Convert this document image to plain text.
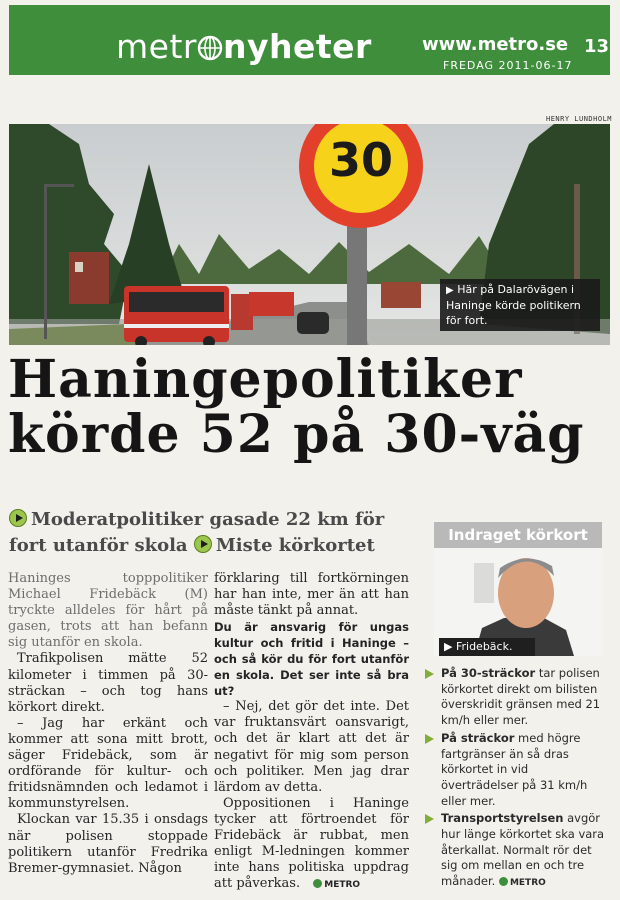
metr nyheter	www.metro.se 13
FREDAG 2011-06-17
HENRY LUNDHOLM
30
▶ Här på Dalarövägen i Haninge körde politikern för fort.
Haningepolitiker
körde 52 på 30-väg
Moderatpolitiker gasade 22 km för fort utanför skola Miste körkortet

Haninges topppolitiker Michael Fridebäck (M) tryckte alldeles för hårt på gasen, trots att han befann sig utanför en skola.

Trafikpolisen mätte 52 kilometer i timmen på 30-sträckan – och tog hans körkort direkt.

– Jag har erkänt och kommer att sona mitt brott, säger Fridebäck, som är ordförande för kultur- och fritidsnämnden och ledamot i kommunstyrelsen.

Klockan var 15.35 i onsdags när polisen stoppade politikern utanför Fredrika Bremer-gymnasiet. Någon

förklaring till fortkörningen har han inte, mer än att han måste tänkt på annat.

Du är ansvarig för ungas kultur och fritid i Haninge – och så kör du för fort utanför en skola. Det ser inte så bra ut?

– Nej, det gör det inte. Det var fruktansvärt oansvarigt, och det är klart att det är negativt för mig som person och politiker. Men jag drar lärdom av detta.

Oppositionen i Haninge tycker att förtroendet för Fridebäck är rubbat, men enligt M-ledningen kommer inte hans politiska uppdrag att påverkas.	METRO

Indraget körkort
▶ Fridebäck.
På 30-sträckor tar polisen körkortet direkt om bilisten överskridit gränsen med 21 km/h eller mer.
På sträckor med högre fartgränser än så dras körkortet in vid överträdelser på 31 km/h eller mer.
Transportstyrelsen avgör hur länge körkortet ska vara återkallat. Normalt rör det sig om mellan en och tre månader. METRO
